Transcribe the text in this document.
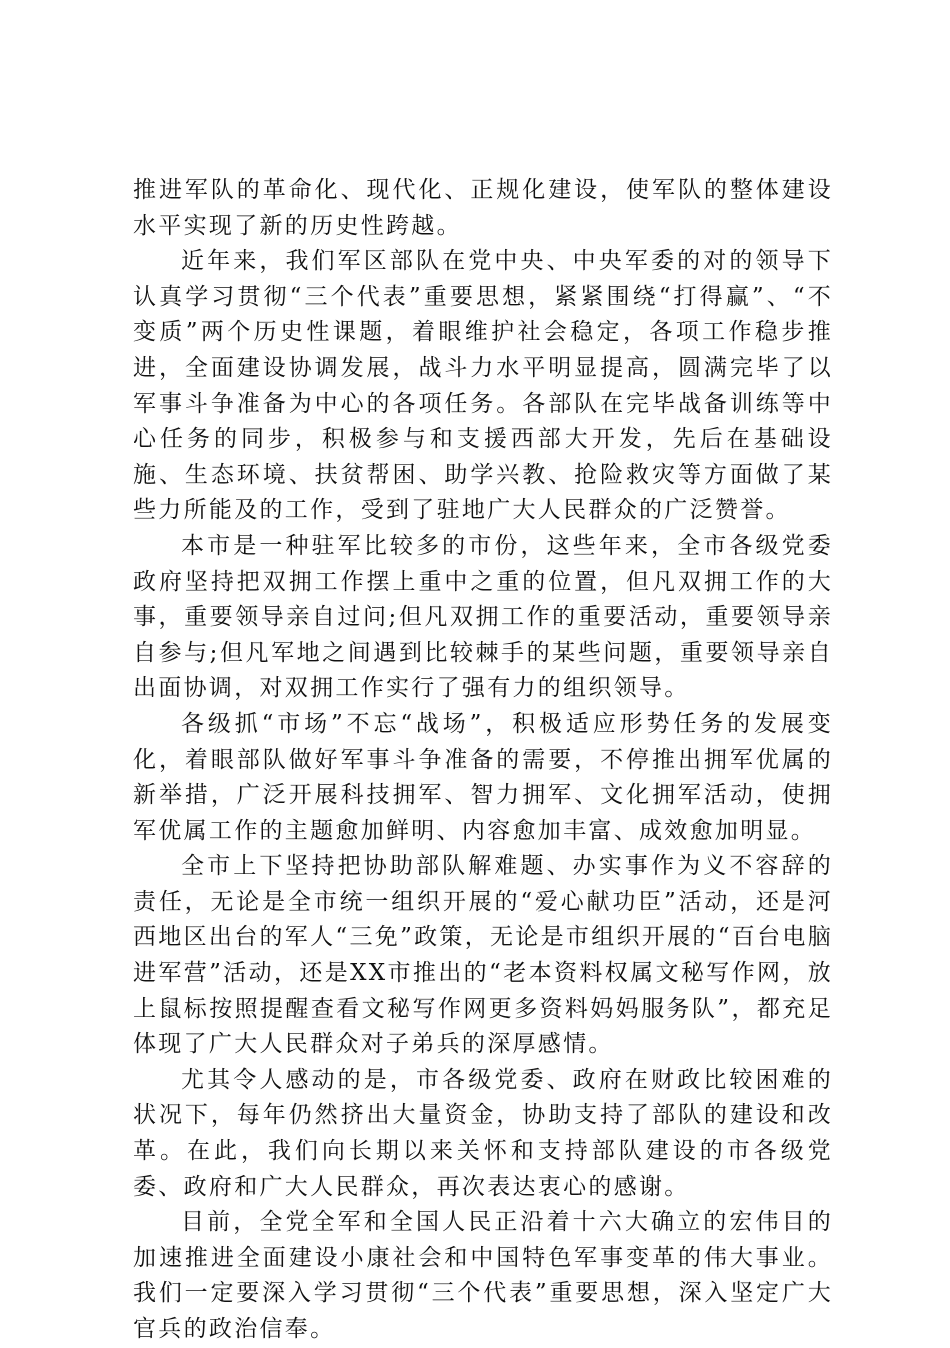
推进军队的革命化、现代化、正规化建设，使军队的整体建设水平实现了新的历史性跨越。

近年来，我们军区部队在党中央、中央军委的对的领导下认真学习贯彻“三个代表”重要思想，紧紧围绕“打得赢”、“不变质”两个历史性课题，着眼维护社会稳定，各项工作稳步推进，全面建设协调发展，战斗力水平明显提高，圆满完毕了以军事斗争准备为中心的各项任务。各部队在完毕战备训练等中心任务的同步，积极参与和支援西部大开发，先后在基础设施、生态环境、扶贫帮困、助学兴教、抢险救灾等方面做了某些力所能及的工作，受到了驻地广大人民群众的广泛赞誉。

本市是一种驻军比较多的市份，这些年来，全市各级党委政府坚持把双拥工作摆上重中之重的位置，但凡双拥工作的大事，重要领导亲自过问;但凡双拥工作的重要活动，重要领导亲自参与;但凡军地之间遇到比较棘手的某些问题，重要领导亲自出面协调，对双拥工作实行了强有力的组织领导。

各级抓“市场”不忘“战场”，积极适应形势任务的发展变化，着眼部队做好军事斗争准备的需要，不停推出拥军优属的新举措，广泛开展科技拥军、智力拥军、文化拥军活动，使拥军优属工作的主题愈加鲜明、内容愈加丰富、成效愈加明显。

全市上下坚持把协助部队解难题、办实事作为义不容辞的责任，无论是全市统一组织开展的“爱心献功臣”活动，还是河西地区出台的军人“三免”政策，无论是市组织开展的“百台电脑进军营”活动，还是XX市推出的“老本资料权属文秘写作网，放上鼠标按照提醒查看文秘写作网更多资料妈妈服务队”，都充足体现了广大人民群众对子弟兵的深厚感情。

尤其令人感动的是，市各级党委、政府在财政比较困难的状况下，每年仍然挤出大量资金，协助支持了部队的建设和改革。在此，我们向长期以来关怀和支持部队建设的市各级党委、政府和广大人民群众，再次表达衷心的感谢。

目前，全党全军和全国人民正沿着十六大确立的宏伟目的加速推进全面建设小康社会和中国特色军事变革的伟大事业。我们一定要深入学习贯彻“三个代表”重要思想，深入坚定广大官兵的政治信奉。
